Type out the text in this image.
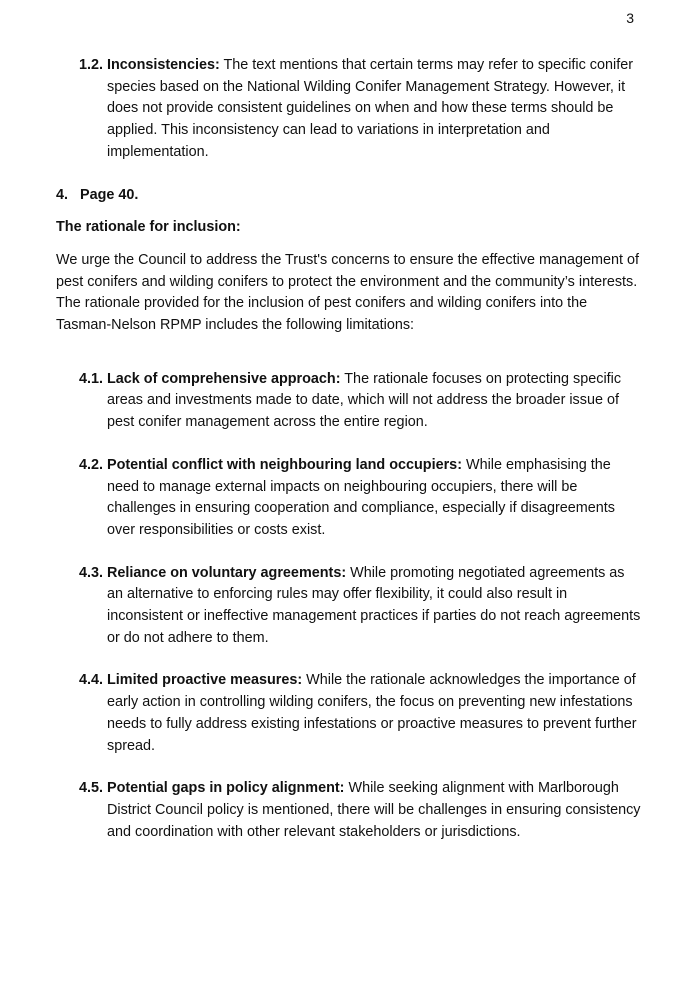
3
1.2. Inconsistencies: The text mentions that certain terms may refer to specific conifer species based on the National Wilding Conifer Management Strategy. However, it does not provide consistent guidelines on when and how these terms should be applied. This inconsistency can lead to variations in interpretation and implementation.
4. Page 40.
The rationale for inclusion:

We urge the Council to address the Trust's concerns to ensure the effective management of pest conifers and wilding conifers to protect the environment and the community’s interests. The rationale provided for the inclusion of pest conifers and wilding conifers into the Tasman-Nelson RPMP includes the following limitations:

4.1. Lack of comprehensive approach: The rationale focuses on protecting specific areas and investments made to date, which will not address the broader issue of pest conifer management across the entire region.
4.2. Potential conflict with neighbouring land occupiers: While emphasising the need to manage external impacts on neighbouring occupiers, there will be challenges in ensuring cooperation and compliance, especially if disagreements over responsibilities or costs exist.
4.3. Reliance on voluntary agreements: While promoting negotiated agreements as an alternative to enforcing rules may offer flexibility, it could also result in inconsistent or ineffective management practices if parties do not reach agreements or do not adhere to them.
4.4. Limited proactive measures: While the rationale acknowledges the importance of early action in controlling wilding conifers, the focus on preventing new infestations needs to fully address existing infestations or proactive measures to prevent further spread.
4.5. Potential gaps in policy alignment: While seeking alignment with Marlborough District Council policy is mentioned, there will be challenges in ensuring consistency and coordination with other relevant stakeholders or jurisdictions.
